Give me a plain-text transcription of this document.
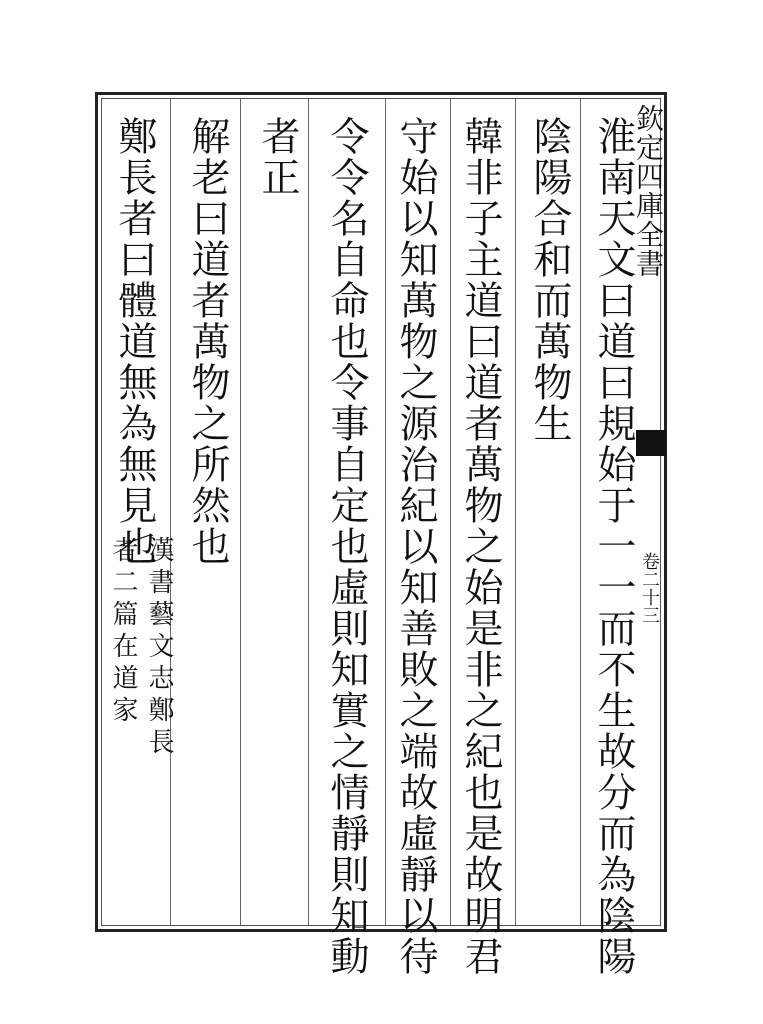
欽定四庫全書
卷二十三
淮南天文曰道曰規始于一一而不生故分而為陰陽
陰陽合和而萬物生
韓非子主道曰道者萬物之始是非之紀也是故明君
守始以知萬物之源治紀以知善敗之端故虛靜以待
令令名自命也令事自定也虛則知實之情靜則知動
者正
解老曰道者萬物之所然也
鄭長者曰體道無為無見也
漢書藝文志鄭長
者二篇在道家
